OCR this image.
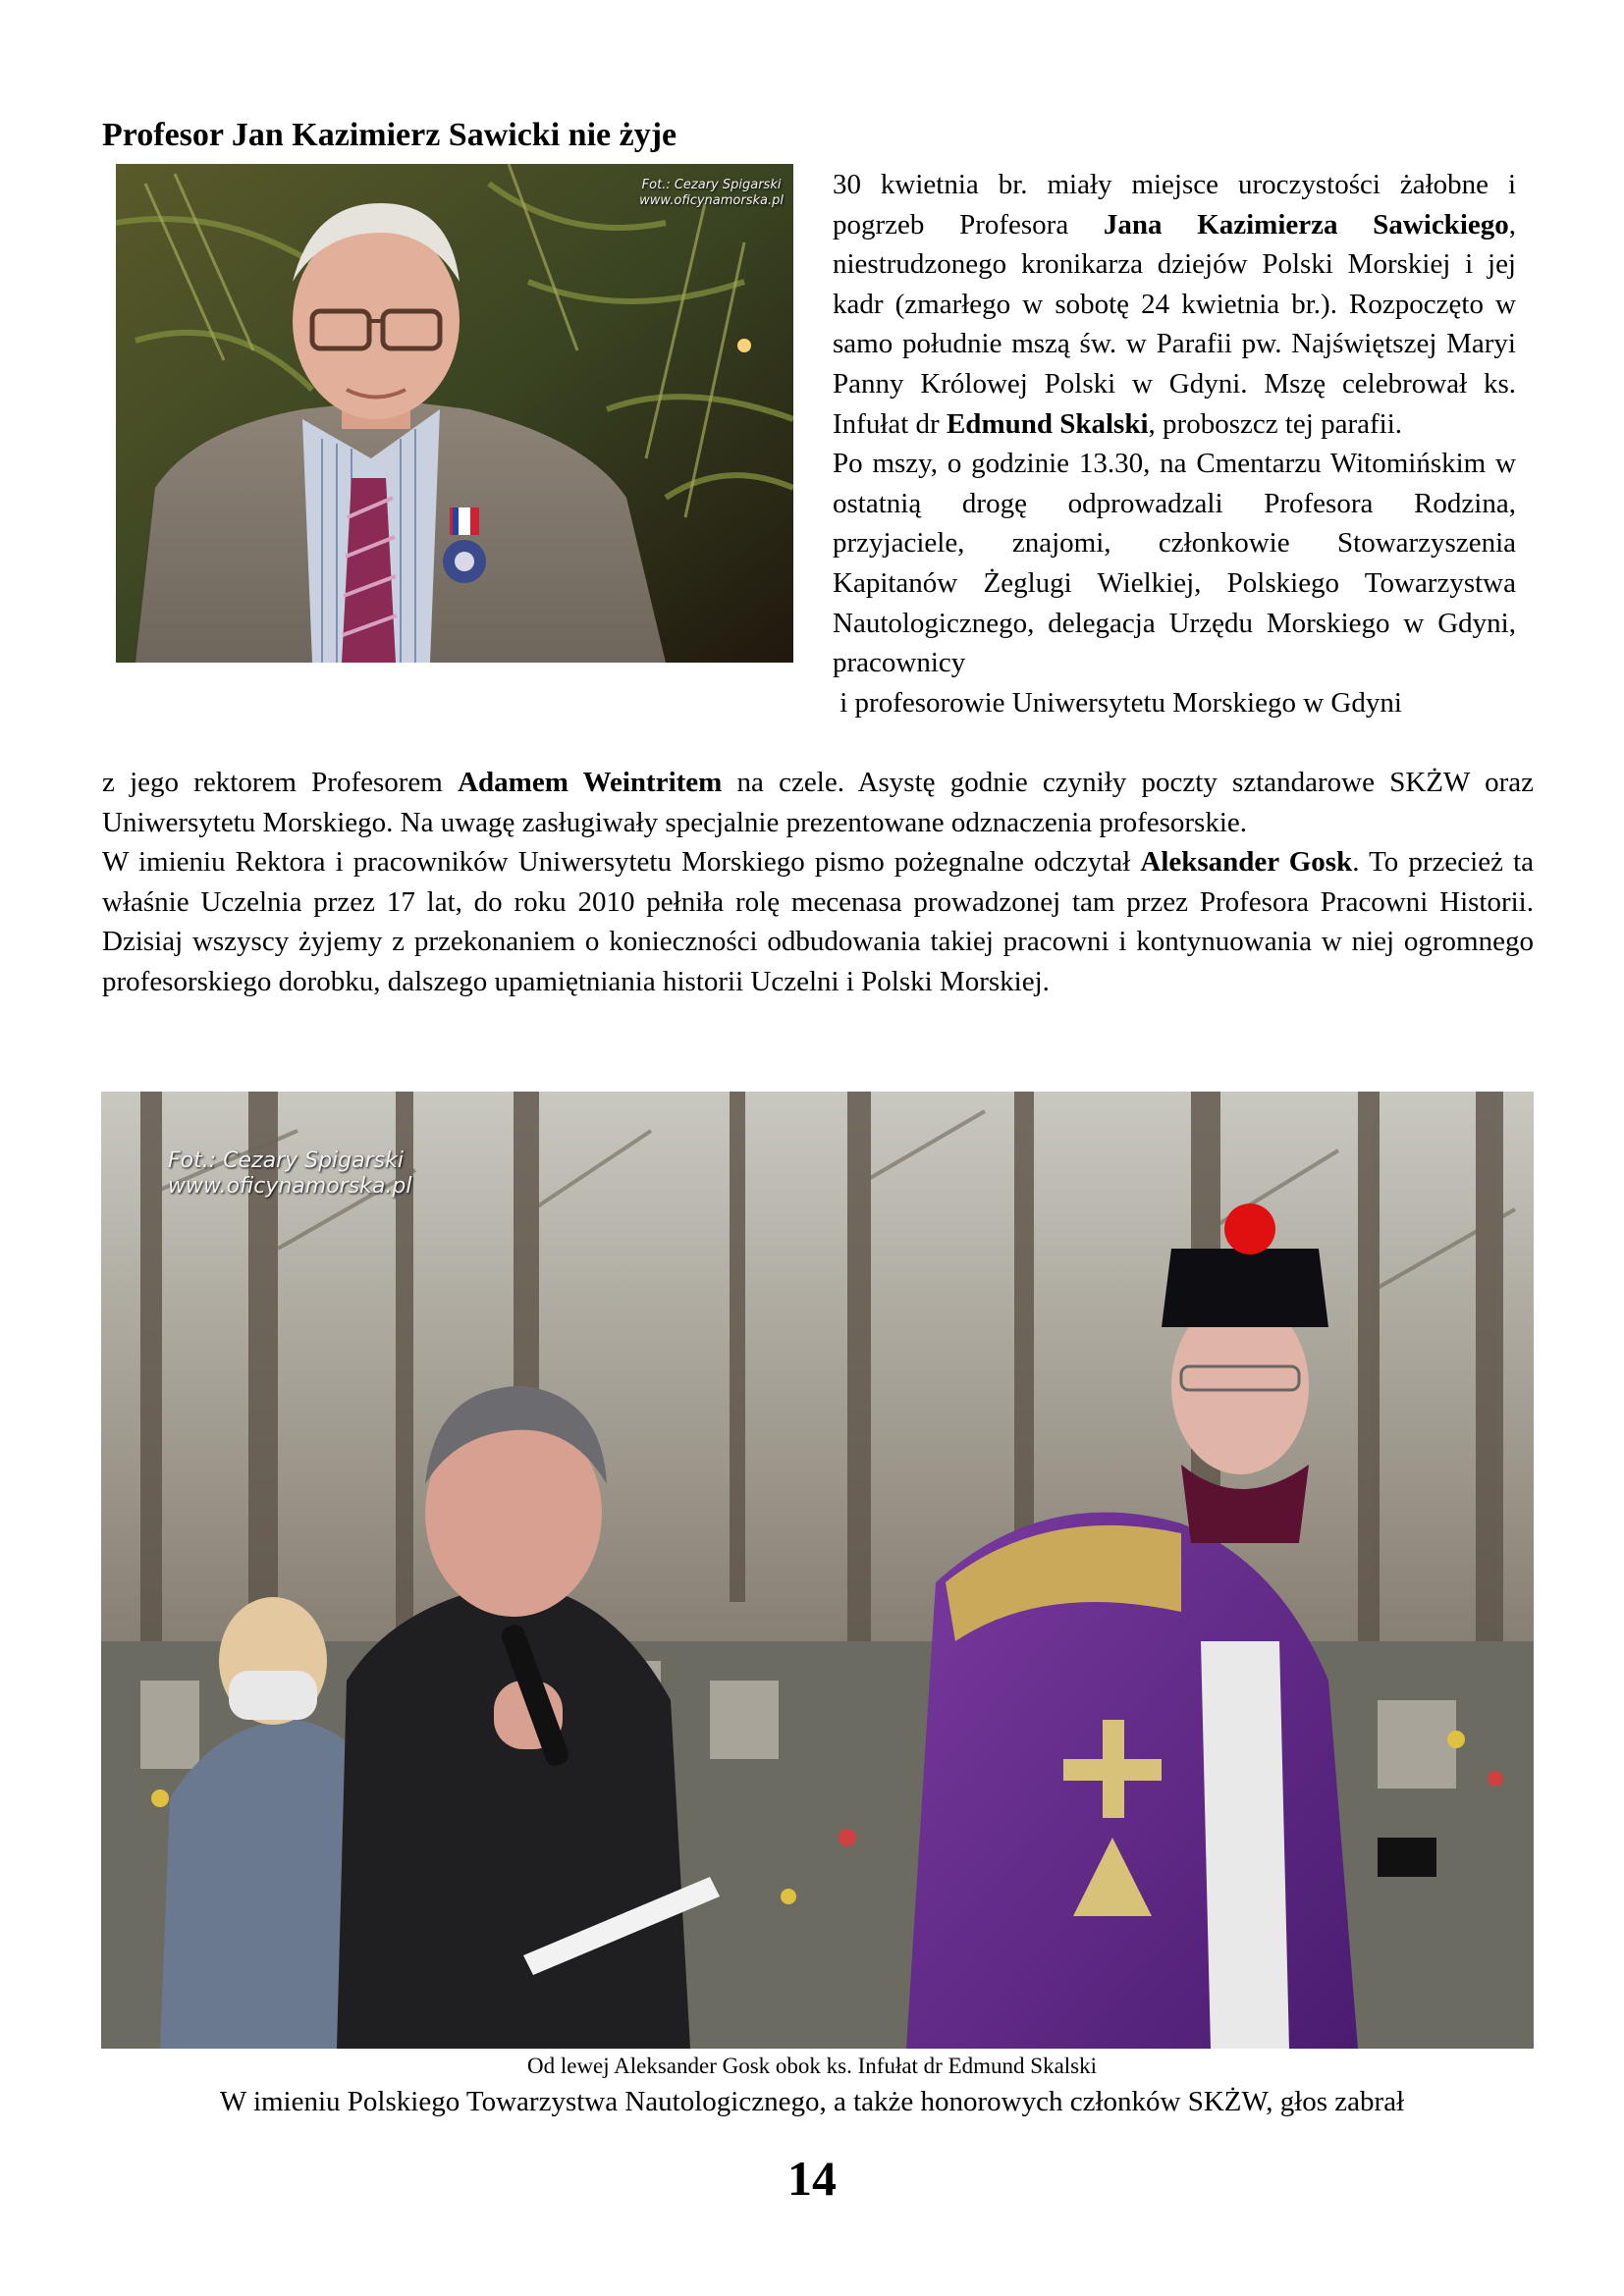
Profesor Jan Kazimierz Sawicki nie żyje
Fot.: Cezary Spigarski
www.oficynamorska.pl

30 kwietnia br. miały miejsce uroczystości żałobne i pogrzeb Profesora Jana Kazimierza Sawickiego, niestrudzonego kronikarza dziejów Polski Morskiej i jej kadr (zmarłego w sobotę 24 kwietnia br.). Rozpoczęto w samo południe mszą św. w Parafii pw. Najświętszej Maryi Panny Królowej Polski w Gdyni. Mszę celebrował ks. Infułat dr Edmund Skalski, proboszcz tej parafii.

Po mszy, o godzinie 13.30, na Cmentarzu Witomińskim w ostatnią drogę odprowadzali Profesora Rodzina, przyjaciele, znajomi, członkowie Stowarzyszenia Kapitanów Żeglugi Wielkiej, Polskiego Towarzystwa Nautologicznego, delegacja Urzędu Morskiego w Gdyni, pracownicy

i profesorowie Uniwersytetu Morskiego w Gdyni

z jego rektorem Profesorem Adamem Weintritem na czele. Asystę godnie czyniły poczty sztandarowe SKŻW oraz Uniwersytetu Morskiego. Na uwagę zasługiwały specjalnie prezentowane odznaczenia profesorskie.

W imieniu Rektora i pracowników Uniwersytetu Morskiego pismo pożegnalne odczytał Aleksander Gosk. To przecież ta właśnie Uczelnia przez 17 lat, do roku 2010 pełniła rolę mecenasa prowadzonej tam przez Profesora Pracowni Historii. Dzisiaj wszyscy żyjemy z przekonaniem o konieczności odbudowania takiej pracowni i kontynuowania w niej ogromnego profesorskiego dorobku, dalszego upamiętniania historii Uczelni i Polski Morskiej.

Fot.: Cezary Spigarski
www.oficynamorska.pl

Od lewej Aleksander Gosk obok ks. Infułat dr Edmund Skalski

W imieniu Polskiego Towarzystwa Nautologicznego, a także honorowych członków SKŻW, głos zabrał

14
